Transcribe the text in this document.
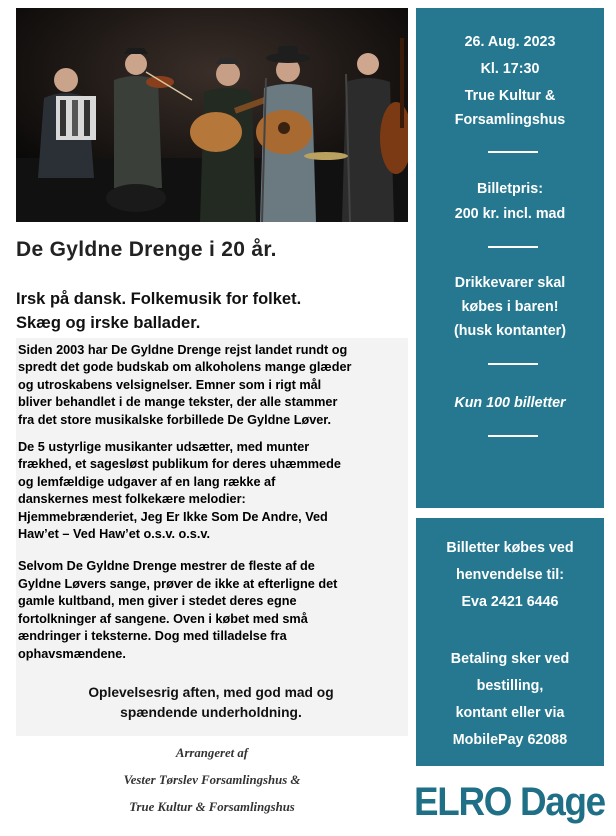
De Gyldne Drenge i 20 år.
Irsk på dansk. Folkemusik for folket.
Skæg og irske ballader.
Siden 2003 har De Gyldne Drenge rejst landet rundt og
spredt det gode budskab om alkoholens mange glæder
og utroskabens velsignelser. Emner som i rigt mål
bliver behandlet i de mange tekster, der alle stammer
fra det store musikalske forbillede De Gyldne Løver.
De 5 ustyrlige musikanter udsætter, med munter
frækhed, et sagesløst publikum for deres uhæmmede
og lemfældige udgaver af en lang række af
danskernes mest folkekære melodier:
Hjemmebrænderiet, Jeg Er Ikke Som De Andre, Ved
Haw’et – Ved Haw’et o.s.v. o.s.v.
Selvom De Gyldne Drenge mestrer de fleste af de
Gyldne Løvers sange, prøver de ikke at efterligne det
gamle kultband, men giver i stedet deres egne
fortolkninger af sangene. Oven i købet med små
ændringer i teksterne. Dog med tilladelse fra
ophavsmændene.
Oplevelsesrig aften, med god mad og
spændende underholdning.
Arrangeret af
Vester Tørslev Forsamlingshus &
True Kultur & Forsamlingshus
26. Aug. 2023
Kl. 17:30
True Kultur &
Forsamlingshus
Billetpris:
200 kr. incl. mad
Drikkevarer skal
købes i baren!
(husk kontanter)
Kun 100 billetter
Billetter købes ved
henvendelse til:
Eva 2421 6446
Betaling sker ved
bestilling,
kontant eller via
MobilePay 62088
ELRO Dage
